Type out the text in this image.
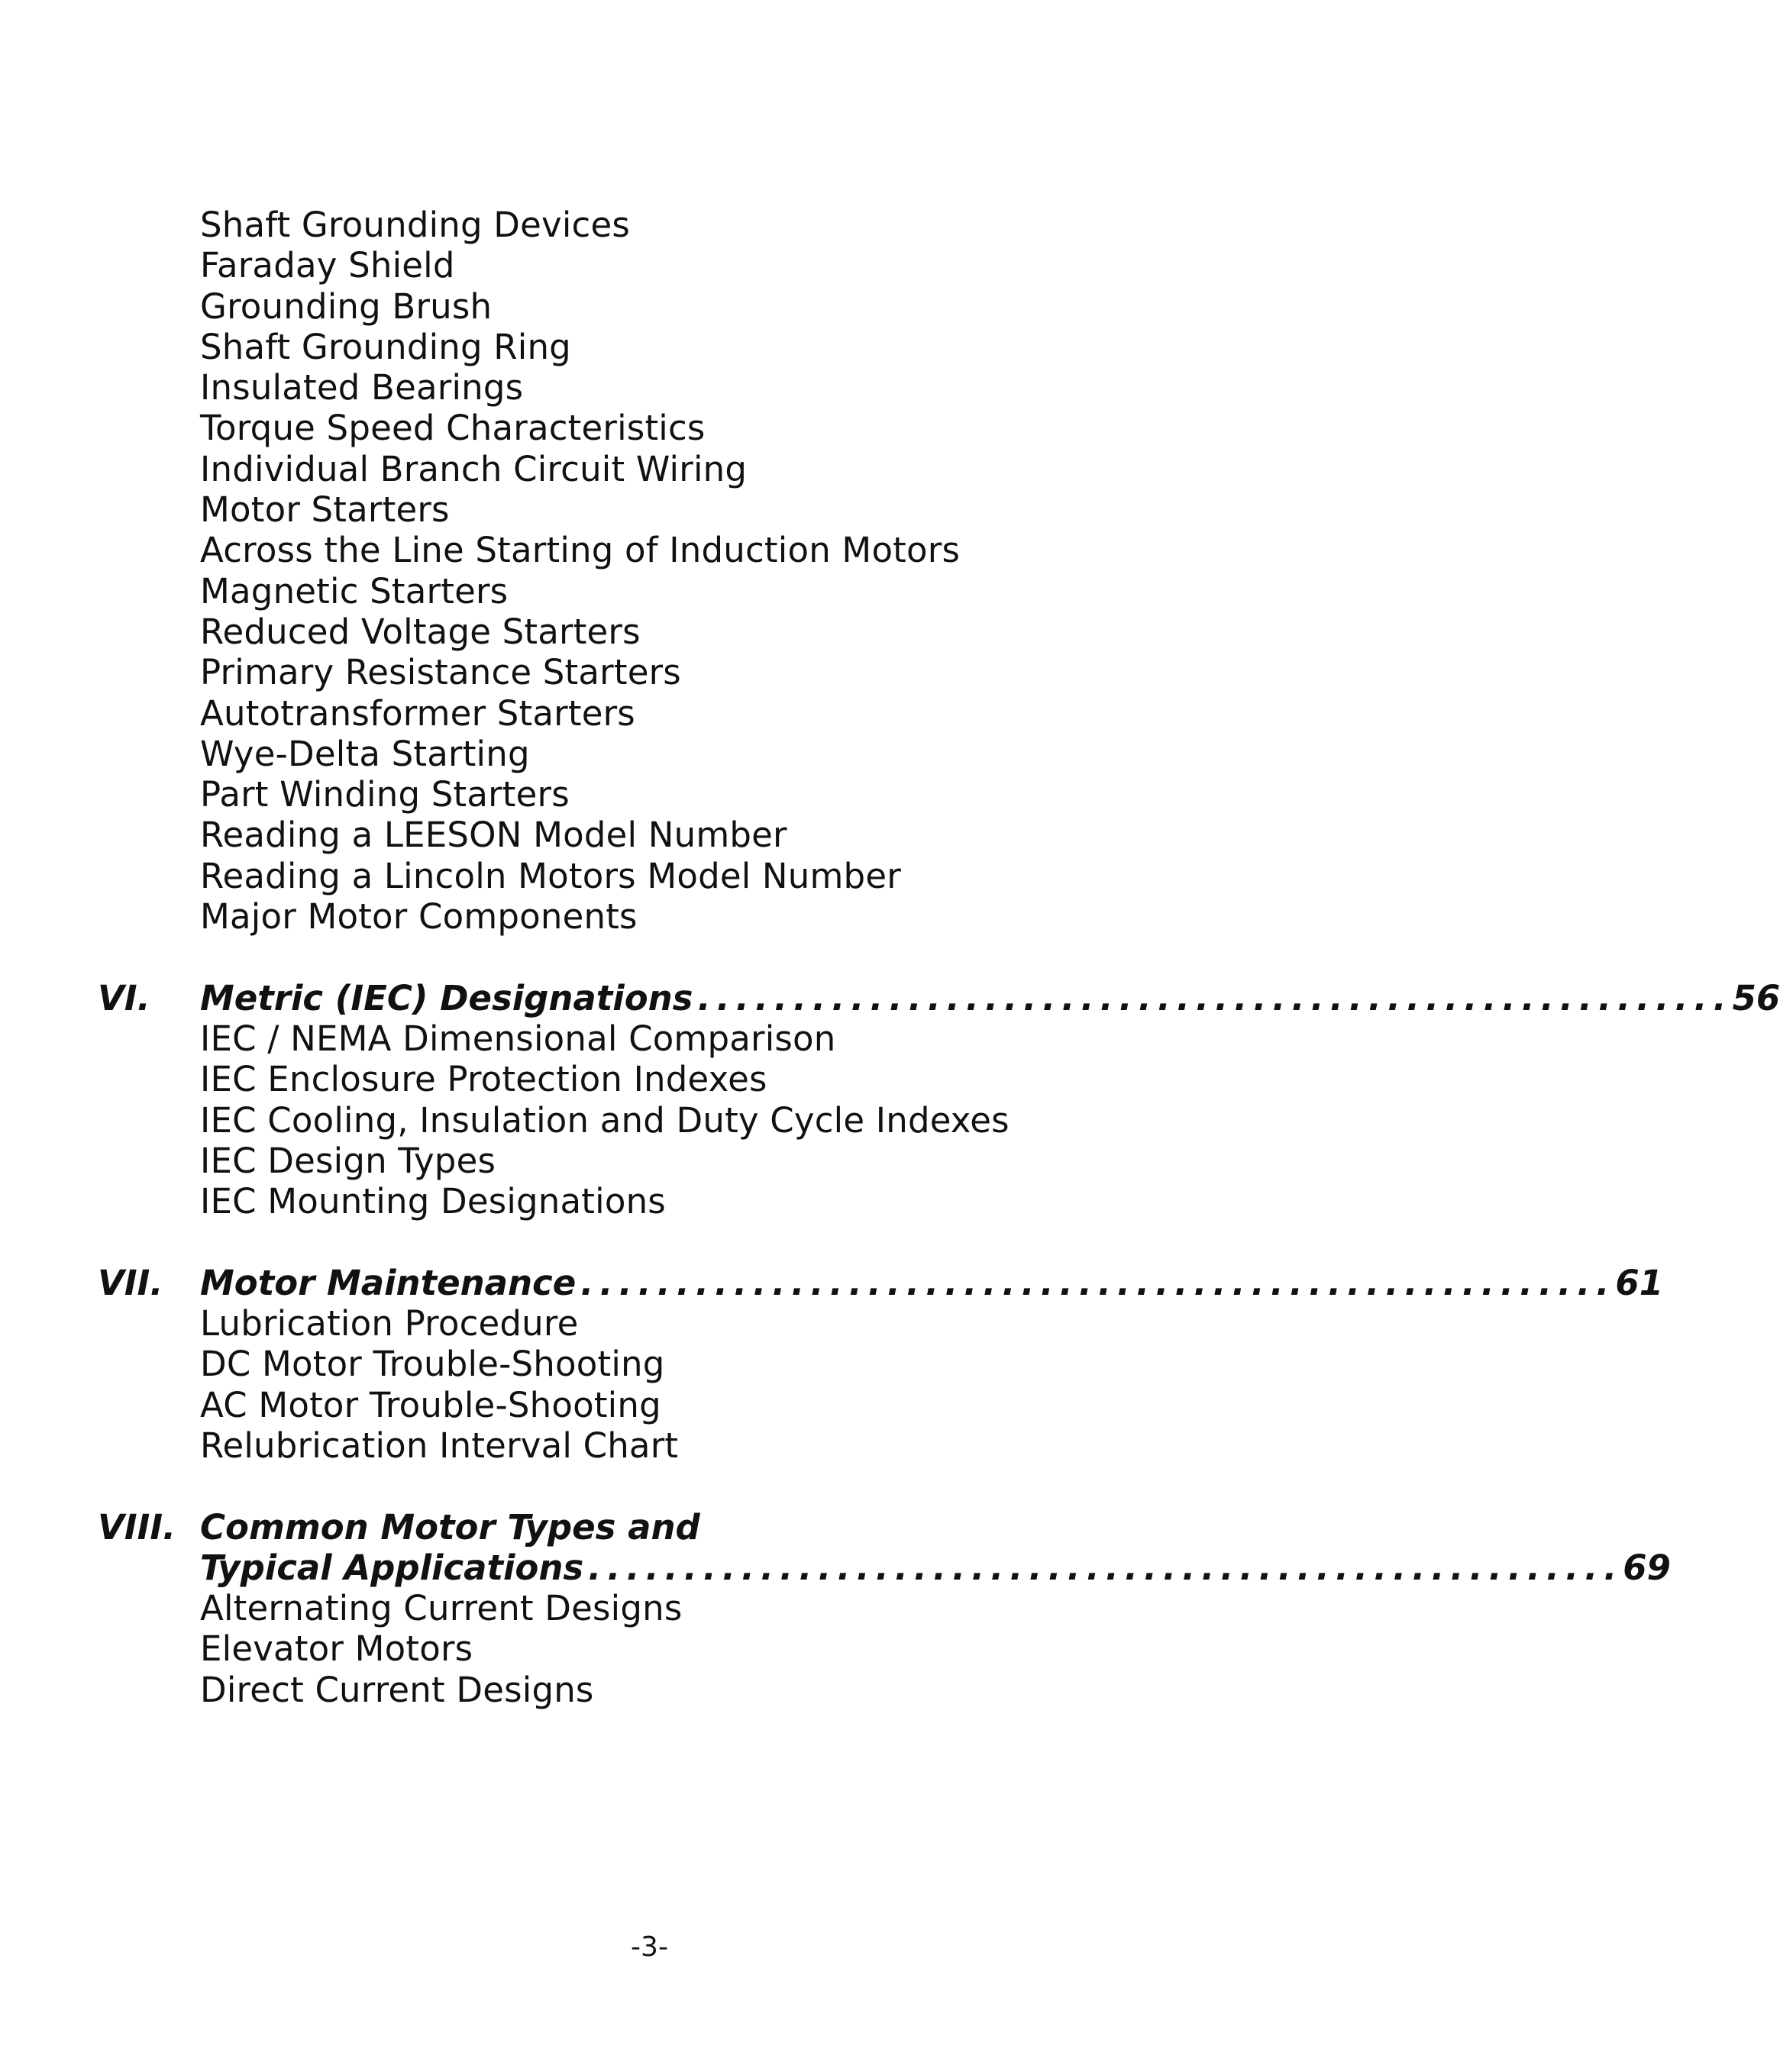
Shaft Grounding Devices
Faraday Shield
Grounding Brush
Shaft Grounding Ring
Insulated Bearings
Torque Speed Characteristics
Individual Branch Circuit Wiring
Motor Starters
Across the Line Starting of Induction Motors
Magnetic Starters
Reduced Voltage Starters
Primary Resistance Starters
Autotransformer Starters
Wye-Delta Starting
Part Winding Starters
Reading a LEESON Model Number
Reading a Lincoln Motors Model Number
Major Motor Components
VI.	Metric (IEC) Designations ...................................................... 56
IEC / NEMA Dimensional Comparison
IEC Enclosure Protection Indexes
IEC Cooling, Insulation and Duty Cycle Indexes
IEC Design Types
IEC Mounting Designations
VII.	Motor Maintenance ...................................................... 61
Lubrication Procedure
DC Motor Trouble-Shooting
AC Motor Trouble-Shooting
Relubrication Interval Chart
VIII. Common Motor Types and
Typical Applications ...................................................... 69
Alternating Current Designs
Elevator Motors
Direct Current Designs
-3-
